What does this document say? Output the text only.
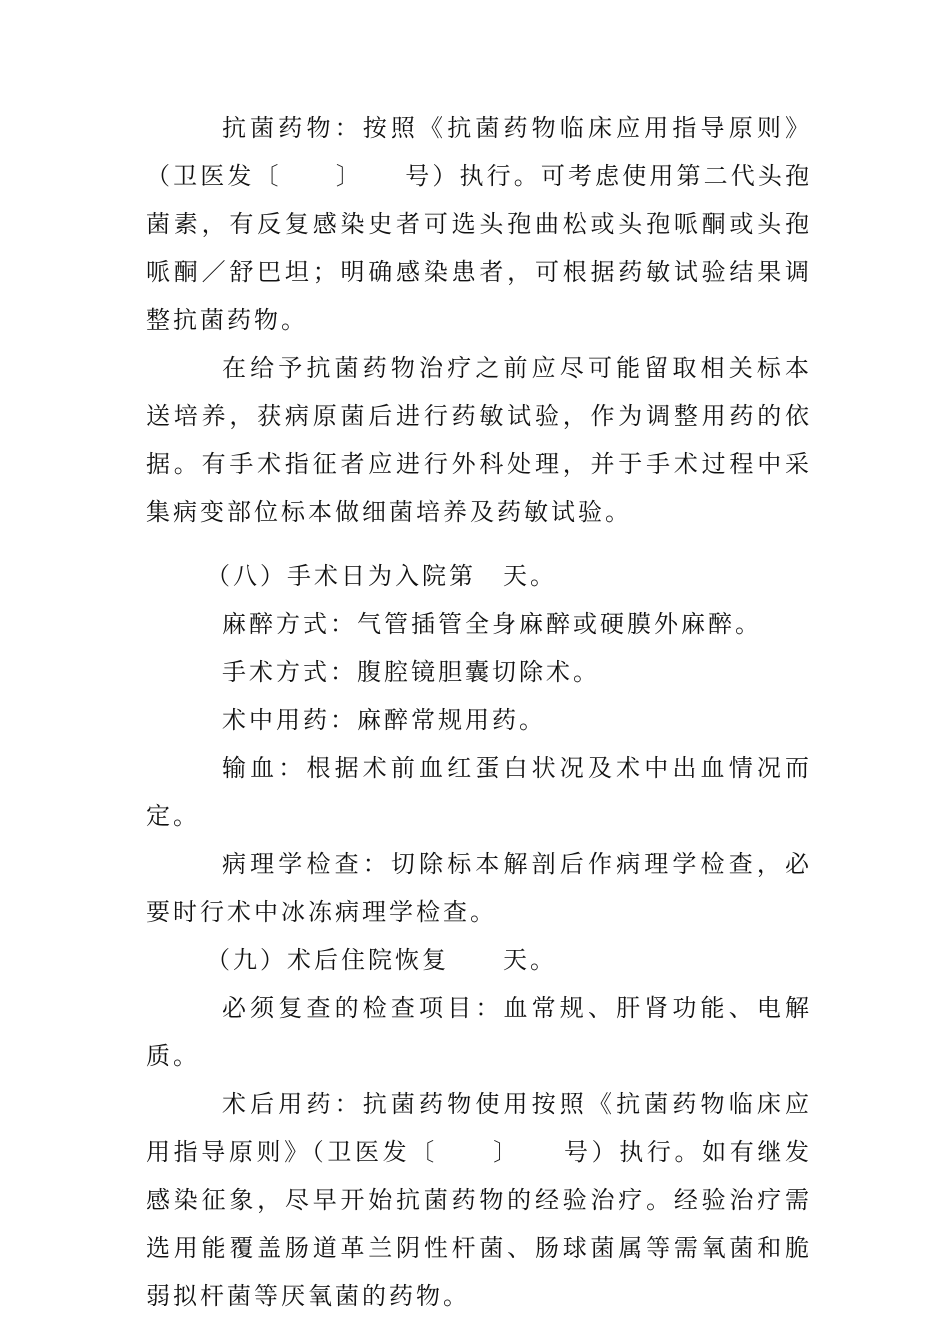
抗菌药物：按照《抗菌药物临床应用指导原则》（卫医发〔　　〕　　号）执行。可考虑使用第二代头孢菌素，有反复感染史者可选头孢曲松或头孢哌酮或头孢哌酮／舒巴坦；明确感染患者，可根据药敏试验结果调整抗菌药物。

在给予抗菌药物治疗之前应尽可能留取相关标本送培养，获病原菌后进行药敏试验，作为调整用药的依据。有手术指征者应进行外科处理，并于手术过程中采集病变部位标本做细菌培养及药敏试验。

（八）手术日为入院第　天。

麻醉方式：气管插管全身麻醉或硬膜外麻醉。

手术方式：腹腔镜胆囊切除术。

术中用药：麻醉常规用药。

输血：根据术前血红蛋白状况及术中出血情况而定。

病理学检查：切除标本解剖后作病理学检查，必要时行术中冰冻病理学检查。

（九）术后住院恢复　　天。

必须复查的检查项目：血常规、肝肾功能、电解质。

术后用药：抗菌药物使用按照《抗菌药物临床应用指导原则》（卫医发〔　　〕　　号）执行。如有继发感染征象，尽早开始抗菌药物的经验治疗。经验治疗需选用能覆盖肠道革兰阴性杆菌、肠球菌属等需氧菌和脆弱拟杆菌等厌氧菌的药物。
